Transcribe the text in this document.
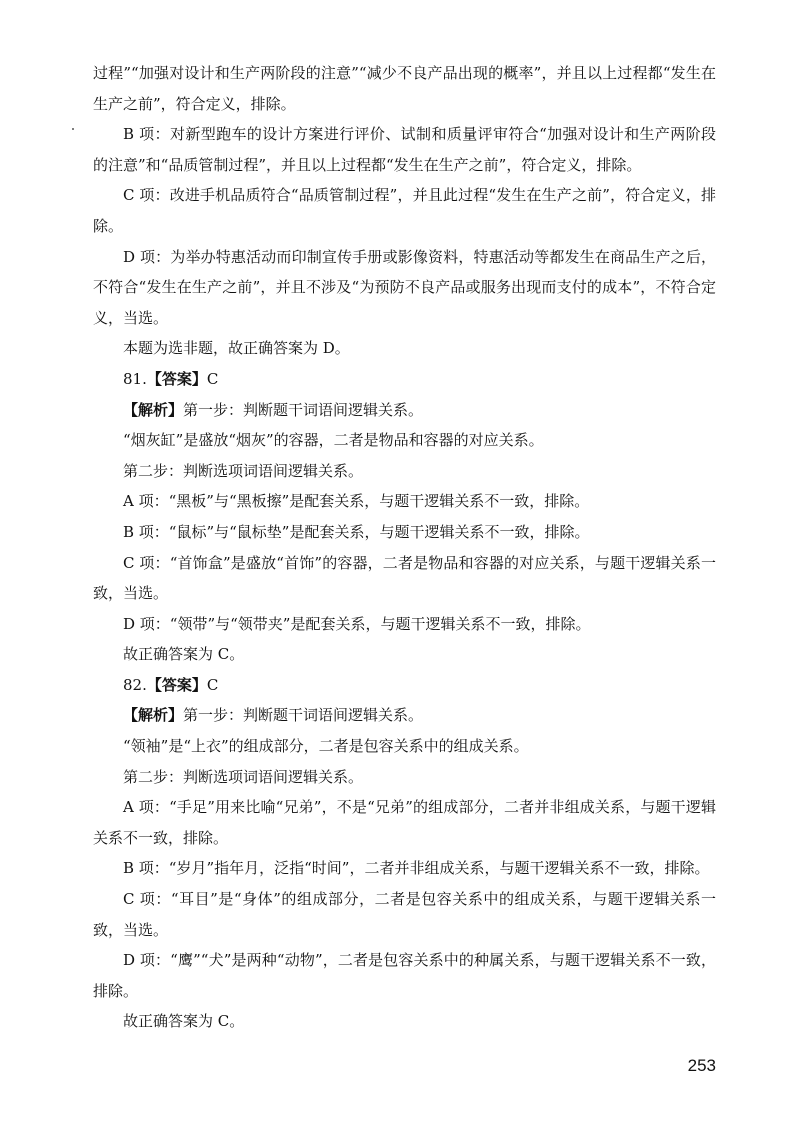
过程”“加强对设计和生产两阶段的注意”“减少不良产品出现的概率”，并且以上过程都“发生在生产之前”，符合定义，排除。

B 项：对新型跑车的设计方案进行评价、试制和质量评审符合“加强对设计和生产两阶段的注意”和“品质管制过程”，并且以上过程都“发生在生产之前”，符合定义，排除。

C 项：改进手机品质符合“品质管制过程”，并且此过程“发生在生产之前”，符合定义，排除。

D 项：为举办特惠活动而印制宣传手册或影像资料，特惠活动等都发生在商品生产之后，不符合“发生在生产之前”，并且不涉及“为预防不良产品或服务出现而支付的成本”，不符合定义，当选。

本题为选非题，故正确答案为 D。

81.【答案】C

【解析】第一步：判断题干词语间逻辑关系。

“烟灰缸”是盛放“烟灰”的容器，二者是物品和容器的对应关系。

第二步：判断选项词语间逻辑关系。

A 项：“黑板”与“黑板擦”是配套关系，与题干逻辑关系不一致，排除。

B 项：“鼠标”与“鼠标垫”是配套关系，与题干逻辑关系不一致，排除。

C 项：“首饰盒”是盛放“首饰”的容器，二者是物品和容器的对应关系，与题干逻辑关系一致，当选。

D 项：“领带”与“领带夹”是配套关系，与题干逻辑关系不一致，排除。

故正确答案为 C。

82.【答案】C

【解析】第一步：判断题干词语间逻辑关系。

“领袖”是“上衣”的组成部分，二者是包容关系中的组成关系。

第二步：判断选项词语间逻辑关系。

A 项：“手足”用来比喻“兄弟”，不是“兄弟”的组成部分，二者并非组成关系，与题干逻辑关系不一致，排除。

B 项：“岁月”指年月，泛指“时间”，二者并非组成关系，与题干逻辑关系不一致，排除。

C 项：“耳目”是“身体”的组成部分，二者是包容关系中的组成关系，与题干逻辑关系一致，当选。

D 项：“鹰”“犬”是两种“动物”，二者是包容关系中的种属关系，与题干逻辑关系不一致，排除。

故正确答案为 C。

253
